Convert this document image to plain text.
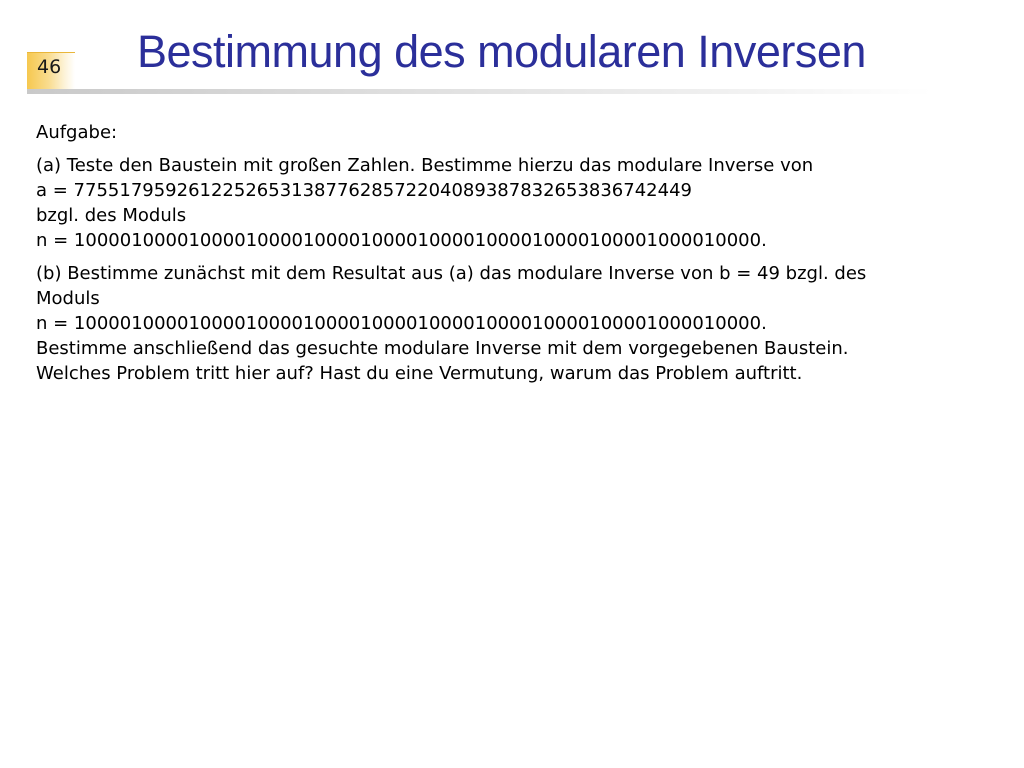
46 Bestimmung des modularen Inversen

Aufgabe:

(a) Teste den Baustein mit großen Zahlen. Bestimme hierzu das modulare Inverse von
a = 775517959261225265313877628572204089387832653836742449
bzgl. des Moduls
n = 100001000010000100001000010000100001000010000100001000010000.

(b) Bestimme zunächst mit dem Resultat aus (a) das modulare Inverse von b = 49 bzgl. des
Moduls
n = 100001000010000100001000010000100001000010000100001000010000.
Bestimme anschließend das gesuchte modulare Inverse mit dem vorgegebenen Baustein.
Welches Problem tritt hier auf? Hast du eine Vermutung, warum das Problem auftritt.
